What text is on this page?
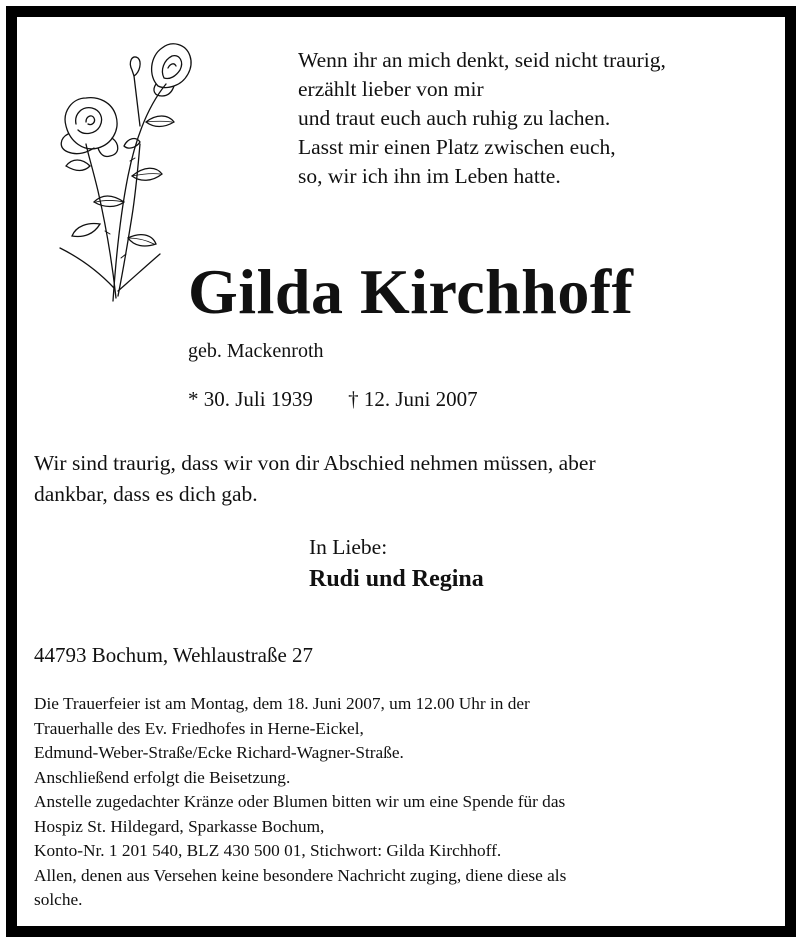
Wenn ihr an mich denkt, seid nicht traurig,
erzählt lieber von mir
und traut euch auch ruhig zu lachen.
Lasst mir einen Platz zwischen euch,
so, wir ich ihn im Leben hatte.
Gilda Kirchhoff
geb. Mackenroth
* 30. Juli 1939 † 12. Juni 2007
Wir sind traurig, dass wir von dir Abschied nehmen müssen, aber
dankbar, dass es dich gab.
In Liebe:
Rudi und Regina
44793 Bochum, Wehlaustraße 27
Die Trauerfeier ist am Montag, dem 18. Juni 2007, um 12.00 Uhr in der
Trauerhalle des Ev. Friedhofes in Herne-Eickel,
Edmund-Weber-Straße/Ecke Richard-Wagner-Straße.
Anschließend erfolgt die Beisetzung.
Anstelle zugedachter Kränze oder Blumen bitten wir um eine Spende für das
Hospiz St. Hildegard, Sparkasse Bochum,
Konto-Nr. 1 201 540, BLZ 430 500 01, Stichwort: Gilda Kirchhoff.
Allen, denen aus Versehen keine besondere Nachricht zuging, diene diese als
solche.
